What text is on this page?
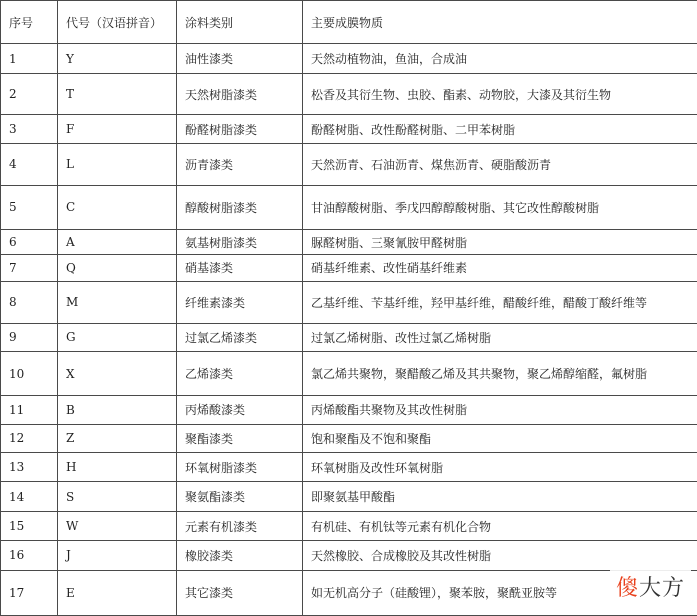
序号	代号（汉语拼音）	涂料类别	主要成膜物质
1	Y	油性漆类	天然动植物油，鱼油，合成油
2	T	天然树脂漆类	松香及其衍生物、虫胶、酯素、动物胶，大漆及其衍生物
3	F	酚醛树脂漆类	酚醛树脂、改性酚醛树脂、二甲苯树脂
4	L	沥青漆类	天然沥青、石油沥青、煤焦沥青、硬脂酸沥青
5	C	醇酸树脂漆类	甘油醇酸树脂、季戊四醇醇酸树脂、其它改性醇酸树脂
6	A	氨基树脂漆类	脲醛树脂、三聚氰胺甲醛树脂
7	Q	硝基漆类	硝基纤维素、改性硝基纤维素
8	M	纤维素漆类	乙基纤维、苄基纤维，羟甲基纤维，醋酸纤维，醋酸丁酸纤维等
9	G	过氯乙烯漆类	过氯乙烯树脂、改性过氯乙烯树脂
10	X	乙烯漆类	氯乙烯共聚物，聚醋酸乙烯及其共聚物，聚乙烯醇缩醛，氟树脂
11	B	丙烯酸漆类	丙烯酸酯共聚物及其改性树脂
12	Z	聚酯漆类	饱和聚酯及不饱和聚酯
13	H	环氧树脂漆类	环氧树脂及改性环氧树脂
14	S	聚氨酯漆类	即聚氨基甲酸酯
15	W	元素有机漆类	有机硅、有机钛等元素有机化合物
16	J	橡胶漆类	天然橡胶、合成橡胶及其改性树脂
17	E	其它漆类	如无机高分子（硅酸锂），聚苯胺，聚酰亚胺等	傻大方
